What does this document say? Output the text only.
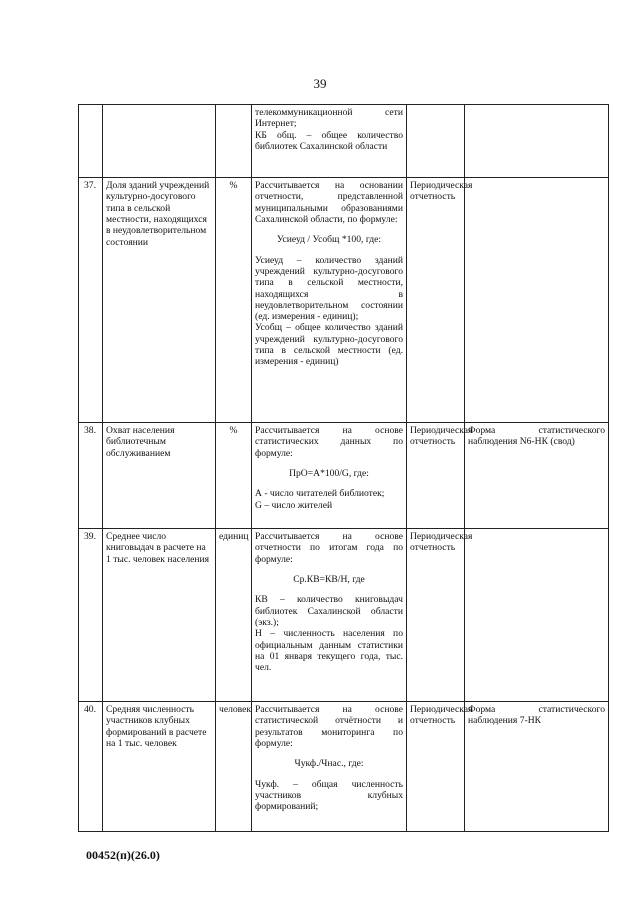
39

			телекоммуникационной сети Интернет;
КБ общ. – общее количество библиотек Сахалинской области		

37.	Доля зданий учреждений культурно-досугового типа в сельской местности, находящихся в неудовлетворительном состоянии	%	Рассчитывается на основании отчетности, представленной муниципальными образованиями Сахалинской области, по формуле:
Усиеуд / Усобщ *100, где:
Усиеуд – количество зданий учреждений культурно-досугового типа в сельской местности, находящихся в неудовлетворительном состоянии (ед. измерения - единиц);
Усобщ – общее количество зданий учреждений культурно-досугового типа в сельской местности (ед. измерения - единиц)	Периодическая отчетность	
38.	Охват населения библиотечным обслуживанием	%	Рассчитывается на основе статистических данных по формуле:
ПрО=А*100/G, где:
А - число читателей библиотек;
G – число жителей	Периодическая отчетность	Форма статистического наблюдения N6-НК (свод)
39.	Среднее число книговыдач в расчете на 1 тыс. человек населения	единиц	Рассчитывается на основе отчетности по итогам года по формуле:
Ср.КВ=КВ/Н, где
КВ – количество книговыдач библиотек Сахалинской области (экз.);
Н – численность населения по официальным данным статистики на 01 января текущего года, тыс. чел.	Периодическая отчетность	
40.	Средняя численность участников клубных формирований в расчете на 1 тыс. человек	человек	Рассчитывается на основе статистической отчётности и результатов мониторинга по формуле:
Чукф./Чнас., где:
Чукф. – общая численность участников клубных формирований;	Периодическая отчетность	Форма статистического наблюдения 7-НК
00452(п)(26.0)
